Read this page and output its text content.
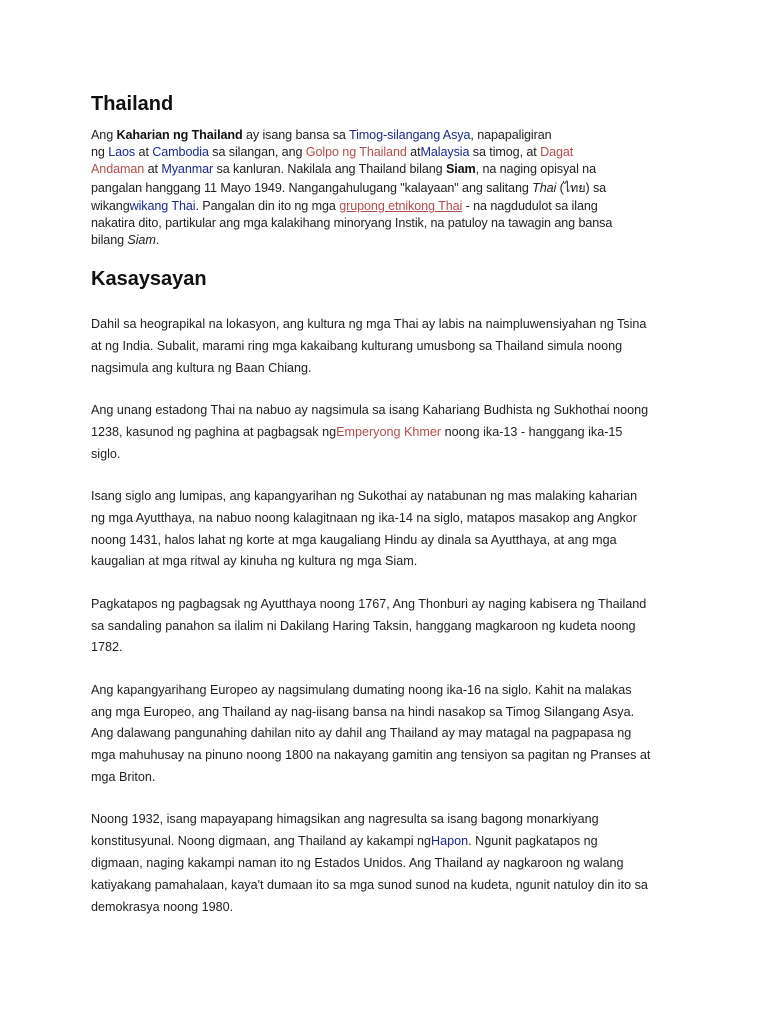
Thailand
Ang Kaharian ng Thailand ay isang bansa sa Timog-silangang Asya, napapaligiran
ng Laos at Cambodia sa silangan, ang Golpo ng Thailand atMalaysia sa timog, at Dagat
Andaman at Myanmar sa kanluran. Nakilala ang Thailand bilang Siam, na naging opisyal na
pangalan hanggang 11 Mayo 1949. Nangangahulugang "kalayaan" ang salitang Thai (ไทย) sa
wikangwikang Thai. Pangalan din ito ng mga grupong etnikong Thai - na nagdudulot sa ilang
nakatira dito, partikular ang mga kalakihang minoryang Instik, na patuloy na tawagin ang bansa
bilang Siam.
Kasaysayan

Dahil sa heograpikal na lokasyon, ang kultura ng mga Thai ay labis na naimpluwensiyahan ng Tsina
at ng India. Subalit, marami ring mga kakaibang kulturang umusbong sa Thailand simula noong
nagsimula ang kultura ng Baan Chiang.

Ang unang estadong Thai na nabuo ay nagsimula sa isang Kahariang Budhista ng Sukhothai noong
1238, kasunod ng paghina at pagbagsak ngEmperyong Khmer noong ika-13 - hanggang ika-15
siglo.

Isang siglo ang lumipas, ang kapangyarihan ng Sukothai ay natabunan ng mas malaking kaharian
ng mga Ayutthaya, na nabuo noong kalagitnaan ng ika-14 na siglo, matapos masakop ang Angkor
noong 1431, halos lahat ng korte at mga kaugaliang Hindu ay dinala sa Ayutthaya, at ang mga
kaugalian at mga ritwal ay kinuha ng kultura ng mga Siam.

Pagkatapos ng pagbagsak ng Ayutthaya noong 1767, Ang Thonburi ay naging kabisera ng Thailand
sa sandaling panahon sa ilalim ni Dakilang Haring Taksin, hanggang magkaroon ng kudeta noong
1782.

Ang kapangyarihang Europeo ay nagsimulang dumating noong ika-16 na siglo. Kahit na malakas
ang mga Europeo, ang Thailand ay nag-iisang bansa na hindi nasakop sa Timog Silangang Asya.
Ang dalawang pangunahing dahilan nito ay dahil ang Thailand ay may matagal na pagpapasa ng
mga mahuhusay na pinuno noong 1800 na nakayang gamitin ang tensiyon sa pagitan ng Pranses at
mga Briton.

Noong 1932, isang mapayapang himagsikan ang nagresulta sa isang bagong monarkiyang
konstitusyunal. Noong digmaan, ang Thailand ay kakampi ngHapon. Ngunit pagkatapos ng
digmaan, naging kakampi naman ito ng Estados Unidos. Ang Thailand ay nagkaroon ng walang
katiyakang pamahalaan, kaya't dumaan ito sa mga sunod sunod na kudeta, ngunit natuloy din ito sa
demokrasya noong 1980.
